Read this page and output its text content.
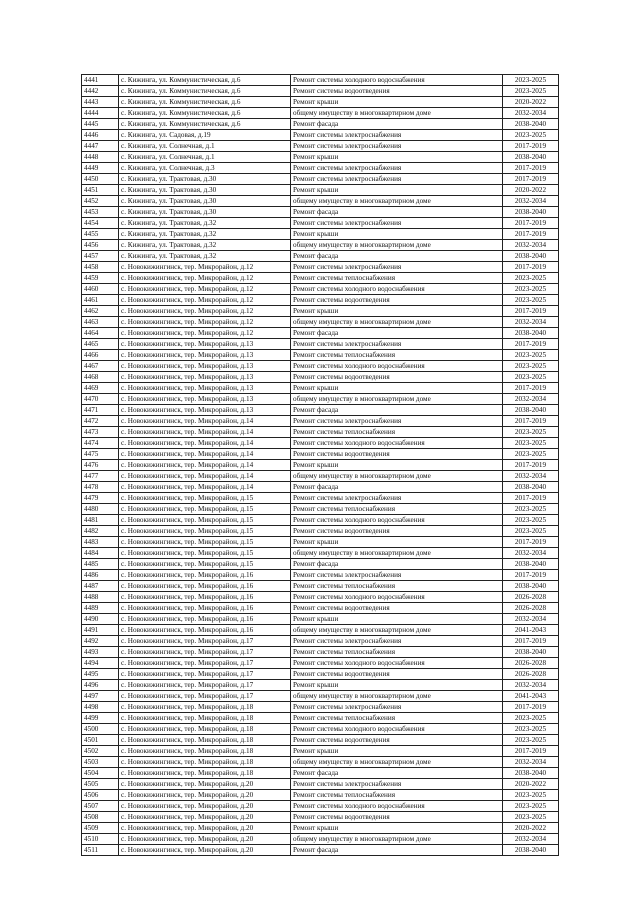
4441	с. Кижинга, ул. Коммунистическая, д.6	Ремонт системы холодного водоснабжения	2023-2025
4442	с. Кижинга, ул. Коммунистическая, д.6	Ремонт системы водоотведения	2023-2025
4443	с. Кижинга, ул. Коммунистическая, д.6	Ремонт крыши	2020-2022
4444	с. Кижинга, ул. Коммунистическая, д.6	общему имуществу в многоквартирном доме	2032-2034
4445	с. Кижинга, ул. Коммунистическая, д.6	Ремонт фасада	2038-2040
4446	с. Кижинга, ул. Садовая, д.19	Ремонт системы электроснабжения	2023-2025
4447	с. Кижинга, ул. Солнечная, д.1	Ремонт системы электроснабжения	2017-2019
4448	с. Кижинга, ул. Солнечная, д.1	Ремонт крыши	2038-2040
4449	с. Кижинга, ул. Солнечная, д.3	Ремонт системы электроснабжения	2017-2019
4450	с. Кижинга, ул. Трактовая, д.30	Ремонт системы электроснабжения	2017-2019
4451	с. Кижинга, ул. Трактовая, д.30	Ремонт крыши	2020-2022
4452	с. Кижинга, ул. Трактовая, д.30	общему имуществу в многоквартирном доме	2032-2034
4453	с. Кижинга, ул. Трактовая, д.30	Ремонт фасада	2038-2040
4454	с. Кижинга, ул. Трактовая, д.32	Ремонт системы электроснабжения	2017-2019
4455	с. Кижинга, ул. Трактовая, д.32	Ремонт крыши	2017-2019
4456	с. Кижинга, ул. Трактовая, д.32	общему имуществу в многоквартирном доме	2032-2034
4457	с. Кижинга, ул. Трактовая, д.32	Ремонт фасада	2038-2040
4458	с. Новокижингинск, тер. Микрорайон, д.12	Ремонт системы электроснабжения	2017-2019
4459	с. Новокижингинск, тер. Микрорайон, д.12	Ремонт системы теплоснабжения	2023-2025
4460	с. Новокижингинск, тер. Микрорайон, д.12	Ремонт системы холодного водоснабжения	2023-2025
4461	с. Новокижингинск, тер. Микрорайон, д.12	Ремонт системы водоотведения	2023-2025
4462	с. Новокижингинск, тер. Микрорайон, д.12	Ремонт крыши	2017-2019
4463	с. Новокижингинск, тер. Микрорайон, д.12	общему имуществу в многоквартирном доме	2032-2034
4464	с. Новокижингинск, тер. Микрорайон, д.12	Ремонт фасада	2038-2040
4465	с. Новокижингинск, тер. Микрорайон, д.13	Ремонт системы электроснабжения	2017-2019
4466	с. Новокижингинск, тер. Микрорайон, д.13	Ремонт системы теплоснабжения	2023-2025
4467	с. Новокижингинск, тер. Микрорайон, д.13	Ремонт системы холодного водоснабжения	2023-2025
4468	с. Новокижингинск, тер. Микрорайон, д.13	Ремонт системы водоотведения	2023-2025
4469	с. Новокижингинск, тер. Микрорайон, д.13	Ремонт крыши	2017-2019
4470	с. Новокижингинск, тер. Микрорайон, д.13	общему имуществу в многоквартирном доме	2032-2034
4471	с. Новокижингинск, тер. Микрорайон, д.13	Ремонт фасада	2038-2040
4472	с. Новокижингинск, тер. Микрорайон, д.14	Ремонт системы электроснабжения	2017-2019
4473	с. Новокижингинск, тер. Микрорайон, д.14	Ремонт системы теплоснабжения	2023-2025
4474	с. Новокижингинск, тер. Микрорайон, д.14	Ремонт системы холодного водоснабжения	2023-2025
4475	с. Новокижингинск, тер. Микрорайон, д.14	Ремонт системы водоотведения	2023-2025
4476	с. Новокижингинск, тер. Микрорайон, д.14	Ремонт крыши	2017-2019
4477	с. Новокижингинск, тер. Микрорайон, д.14	общему имуществу в многоквартирном доме	2032-2034
4478	с. Новокижингинск, тер. Микрорайон, д.14	Ремонт фасада	2038-2040
4479	с. Новокижингинск, тер. Микрорайон, д.15	Ремонт системы электроснабжения	2017-2019
4480	с. Новокижингинск, тер. Микрорайон, д.15	Ремонт системы теплоснабжения	2023-2025
4481	с. Новокижингинск, тер. Микрорайон, д.15	Ремонт системы холодного водоснабжения	2023-2025
4482	с. Новокижингинск, тер. Микрорайон, д.15	Ремонт системы водоотведения	2023-2025
4483	с. Новокижингинск, тер. Микрорайон, д.15	Ремонт крыши	2017-2019
4484	с. Новокижингинск, тер. Микрорайон, д.15	общему имуществу в многоквартирном доме	2032-2034
4485	с. Новокижингинск, тер. Микрорайон, д.15	Ремонт фасада	2038-2040
4486	с. Новокижингинск, тер. Микрорайон, д.16	Ремонт системы электроснабжения	2017-2019
4487	с. Новокижингинск, тер. Микрорайон, д.16	Ремонт системы теплоснабжения	2038-2040
4488	с. Новокижингинск, тер. Микрорайон, д.16	Ремонт системы холодного водоснабжения	2026-2028
4489	с. Новокижингинск, тер. Микрорайон, д.16	Ремонт системы водоотведения	2026-2028
4490	с. Новокижингинск, тер. Микрорайон, д.16	Ремонт крыши	2032-2034
4491	с. Новокижингинск, тер. Микрорайон, д.16	общему имуществу в многоквартирном доме	2041-2043
4492	с. Новокижингинск, тер. Микрорайон, д.17	Ремонт системы электроснабжения	2017-2019
4493	с. Новокижингинск, тер. Микрорайон, д.17	Ремонт системы теплоснабжения	2038-2040
4494	с. Новокижингинск, тер. Микрорайон, д.17	Ремонт системы холодного водоснабжения	2026-2028
4495	с. Новокижингинск, тер. Микрорайон, д.17	Ремонт системы водоотведения	2026-2028
4496	с. Новокижингинск, тер. Микрорайон, д.17	Ремонт крыши	2032-2034
4497	с. Новокижингинск, тер. Микрорайон, д.17	общему имуществу в многоквартирном доме	2041-2043
4498	с. Новокижингинск, тер. Микрорайон, д.18	Ремонт системы электроснабжения	2017-2019
4499	с. Новокижингинск, тер. Микрорайон, д.18	Ремонт системы теплоснабжения	2023-2025
4500	с. Новокижингинск, тер. Микрорайон, д.18	Ремонт системы холодного водоснабжения	2023-2025
4501	с. Новокижингинск, тер. Микрорайон, д.18	Ремонт системы водоотведения	2023-2025
4502	с. Новокижингинск, тер. Микрорайон, д.18	Ремонт крыши	2017-2019
4503	с. Новокижингинск, тер. Микрорайон, д.18	общему имуществу в многоквартирном доме	2032-2034
4504	с. Новокижингинск, тер. Микрорайон, д.18	Ремонт фасада	2038-2040
4505	с. Новокижингинск, тер. Микрорайон, д.20	Ремонт системы электроснабжения	2020-2022
4506	с. Новокижингинск, тер. Микрорайон, д.20	Ремонт системы теплоснабжения	2023-2025
4507	с. Новокижингинск, тер. Микрорайон, д.20	Ремонт системы холодного водоснабжения	2023-2025
4508	с. Новокижингинск, тер. Микрорайон, д.20	Ремонт системы водоотведения	2023-2025
4509	с. Новокижингинск, тер. Микрорайон, д.20	Ремонт крыши	2020-2022
4510	с. Новокижингинск, тер. Микрорайон, д.20	общему имуществу в многоквартирном доме	2032-2034
4511	с. Новокижингинск, тер. Микрорайон, д.20	Ремонт фасада	2038-2040
